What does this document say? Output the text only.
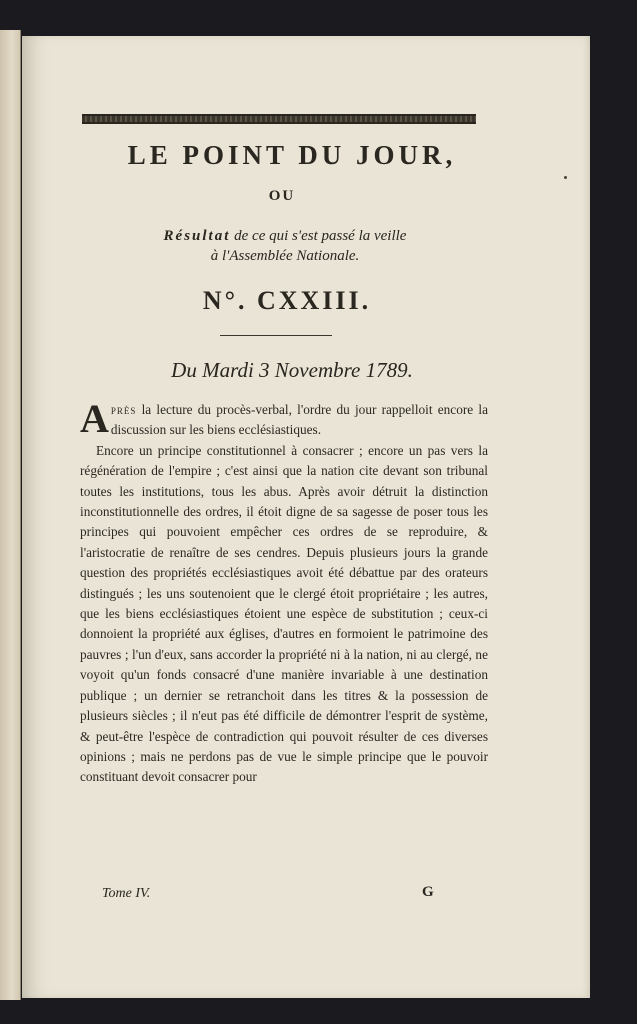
LE POINT DU JOUR,
OU
Résultat de ce qui s'est passé la veille
à l'Assemblée Nationale.
N°. CXXIII.
Du Mardi 3 Novembre 1789.

Après la lecture du procès-verbal, l'ordre du jour rappelloit encore la discussion sur les biens ecclésiastiques.

Encore un principe constitutionnel à consacrer ; encore un pas vers la régénération de l'empire ; c'est ainsi que la nation cite devant son tribunal toutes les institutions, tous les abus. Après avoir détruit la distinction inconstitutionnelle des ordres, il étoit digne de sa sagesse de poser tous les principes qui pouvoient empêcher ces ordres de se reproduire, & l'aristocratie de renaître de ses cendres. Depuis plusieurs jours la grande question des propriétés ecclésiastiques avoit été débattue par des orateurs distingués ; les uns soutenoient que le clergé étoit propriétaire ; les autres, que les biens ecclésiastiques étoient une espèce de substitution ; ceux-ci donnoient la propriété aux églises, d'autres en formoient le patrimoine des pauvres ; l'un d'eux, sans accorder la propriété ni à la nation, ni au clergé, ne voyoit qu'un fonds consacré d'une manière invariable à une destination publique ; un dernier se retranchoit dans les titres & la possession de plusieurs siècles ; il n'eut pas été difficile de démontrer l'esprit de système, & peut-être l'espèce de contradiction qui pouvoit résulter de ces diverses opinions ; mais ne perdons pas de vue le simple principe que le pouvoir constituant devoit consacrer pour

Tome IV.	G
